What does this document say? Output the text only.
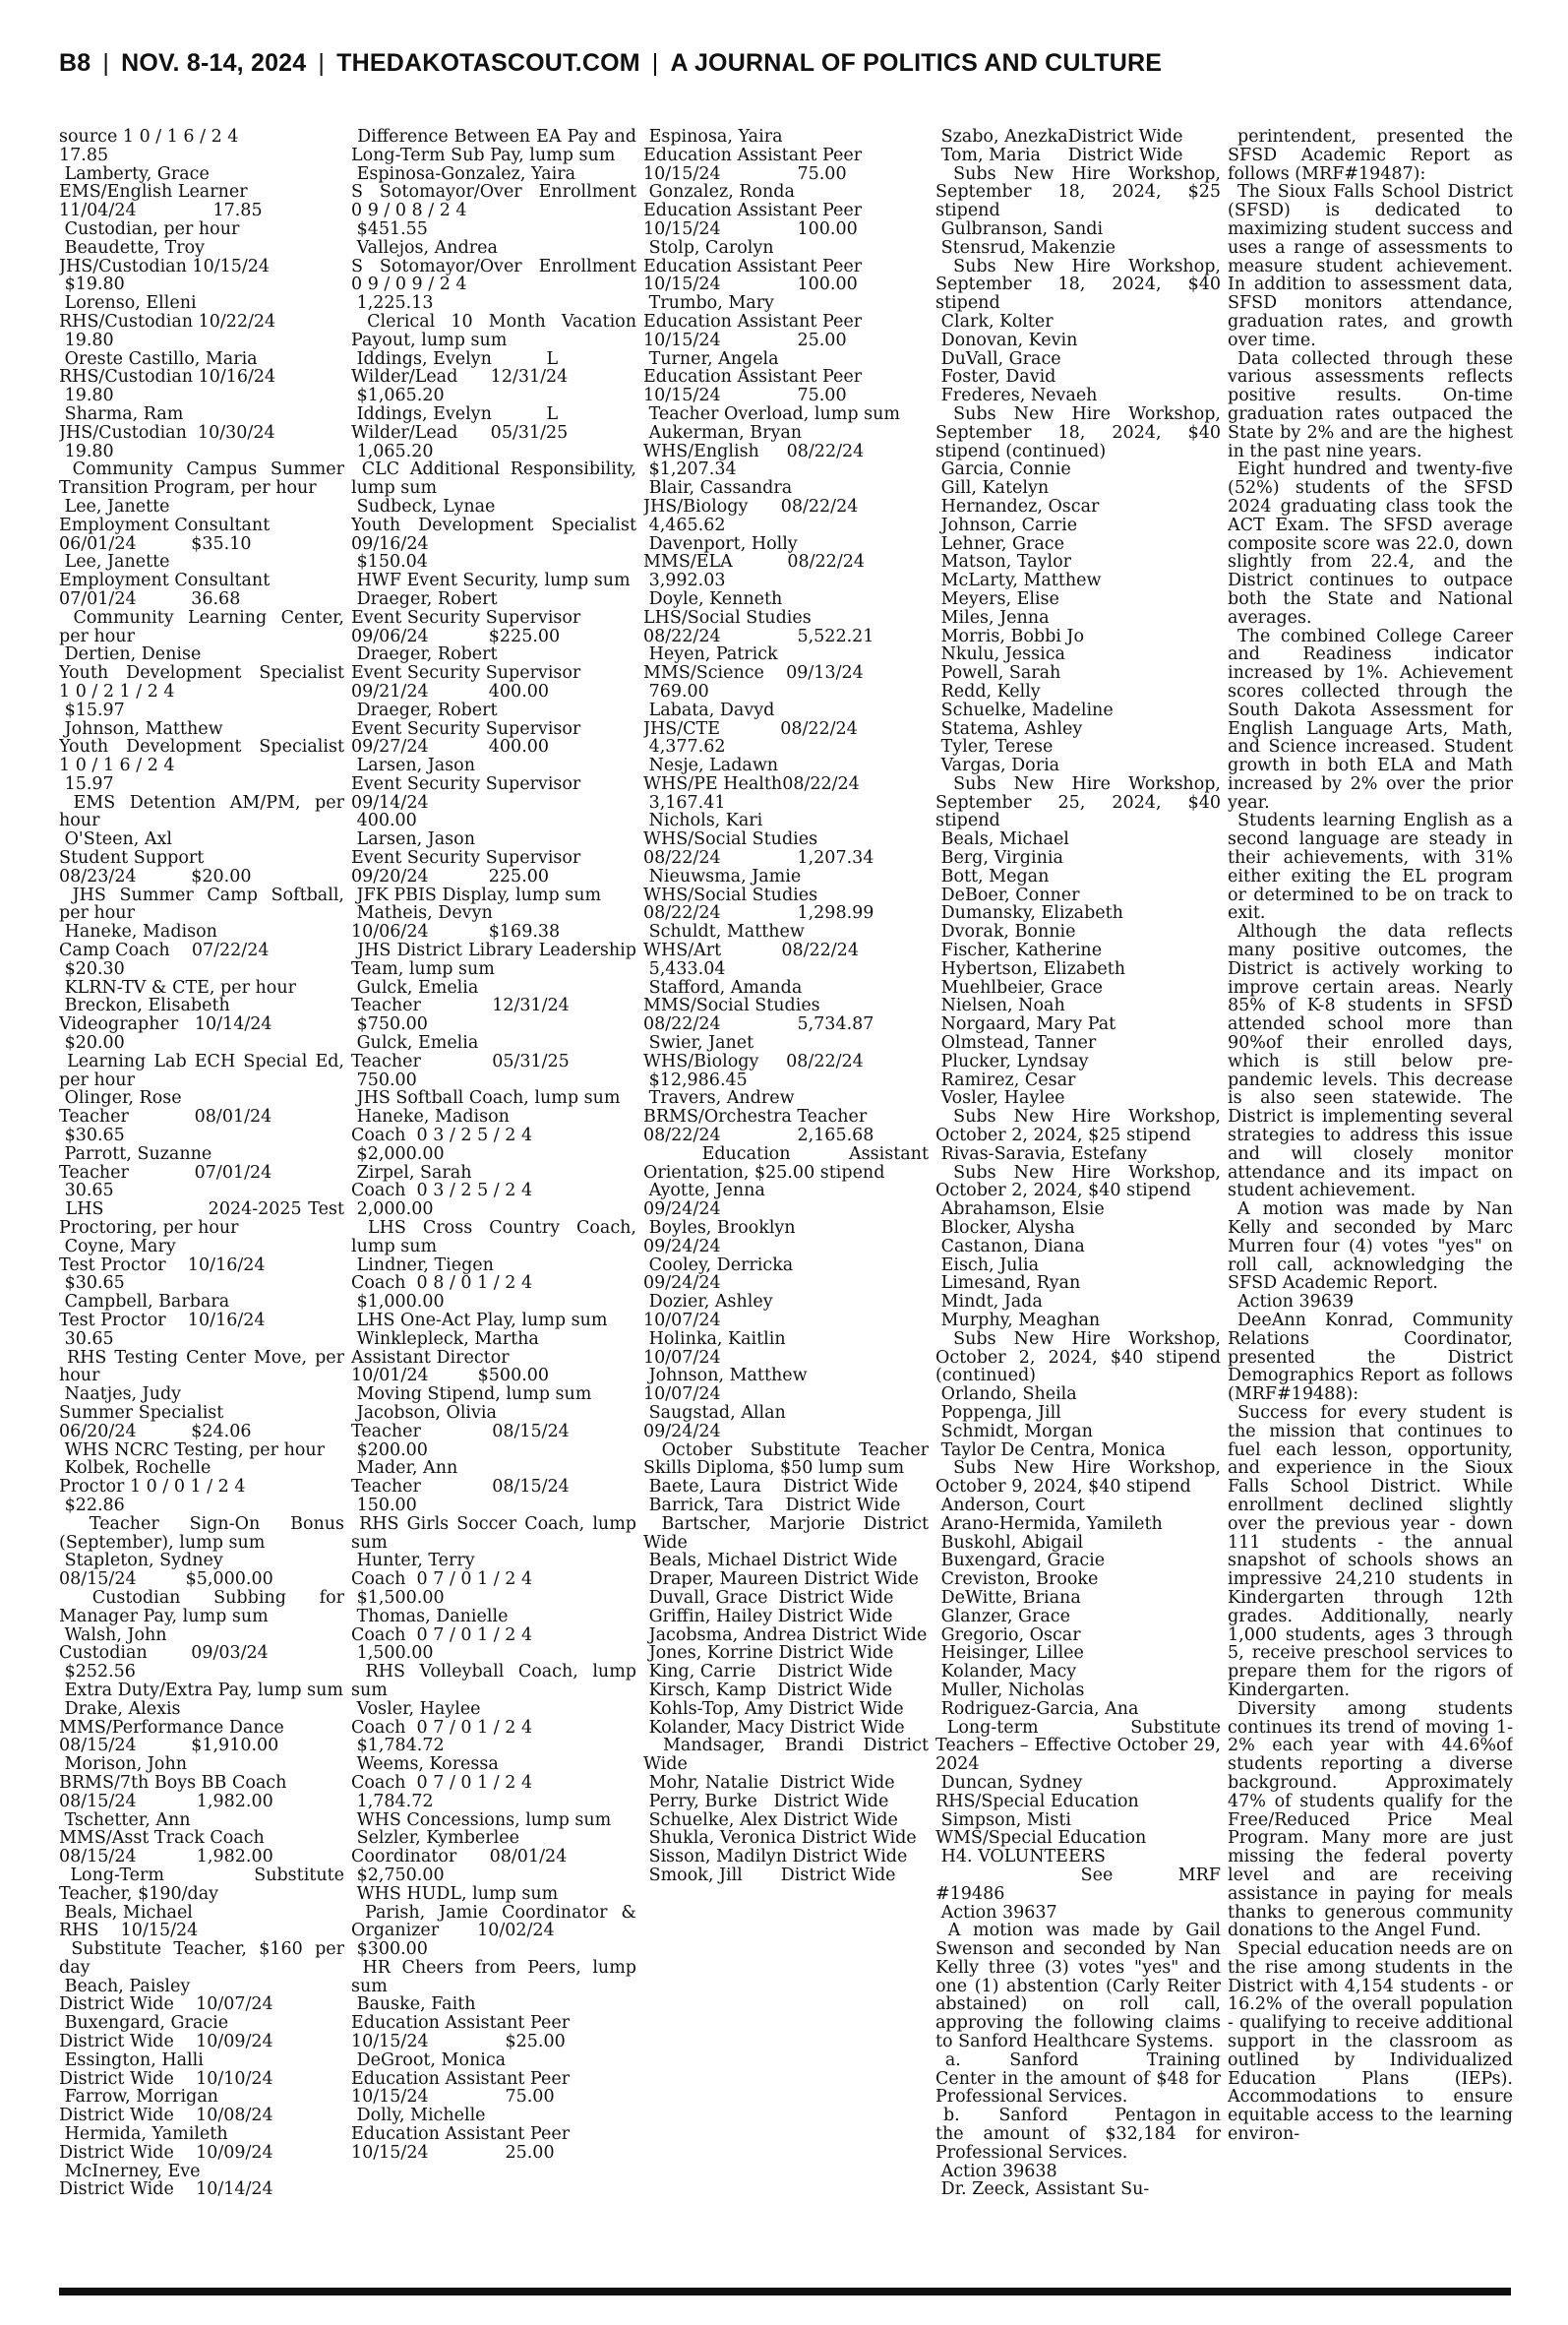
B8 | NOV. 8-14, 2024 | THEDAKOTASCOUT.COM | A JOURNAL OF POLITICS AND CULTURE

source 1 0 / 1 6 / 2 4

17.85

Lamberty, Grace

EMS/English Learner

11/04/24              17.85

Custodian, per hour

Beaudette, Troy

JHS/Custodian 10/15/24

$19.80

Lorenso, Elleni

RHS/Custodian 10/22/24

19.80

Oreste Castillo, Maria

RHS/Custodian 10/16/24

19.80

Sharma, Ram

JHS/Custodian  10/30/24

19.80

Community Campus Summer Transition Program, per hour

Lee, Janette

Employment Consultant

06/01/24          $35.10

Lee, Janette

Employment Consultant

07/01/24          36.68

Community Learning Center, per hour

Dertien, Denise

Youth Development Specialist     1 0 / 2 1 / 2 4

$15.97

Johnson, Matthew

Youth Development Specialist     1 0 / 1 6 / 2 4

15.97

EMS Detention AM/PM, per hour

O'Steen, Axl

Student Support

08/23/24          $20.00

JHS Summer Camp Softball, per hour

Haneke, Madison

Camp Coach    07/22/24

$20.30

KLRN-TV & CTE, per hour

Breckon, Elisabeth

Videographer   10/14/24

$20.00

Learning Lab ECH Special Ed, per hour

Olinger, Rose

Teacher            08/01/24

$30.65

Parrott, Suzanne

Teacher            07/01/24

30.65

LHS                2024-2025 Test Proctoring, per hour

Coyne, Mary

Test Proctor    10/16/24

$30.65

Campbell, Barbara

Test Proctor    10/16/24

30.65

RHS Testing Center Move, per hour

Naatjes, Judy

Summer Specialist

06/20/24          $24.06

WHS NCRC Testing, per hour

Kolbek, Rochelle

Proctor 1 0 / 0 1 / 2 4

$22.86

Teacher Sign-On Bonus (September), lump sum

Stapleton, Sydney

08/15/24         $5,000.00

Custodian Subbing for Manager Pay, lump sum

Walsh, John

Custodian        09/03/24

$252.56

Extra Duty/Extra Pay, lump sum

Drake, Alexis

MMS/Performance Dance

08/15/24          $1,910.00

Morison, John

BRMS/7th Boys BB Coach

08/15/24           1,982.00

Tschetter, Ann

MMS/Asst Track Coach

08/15/24           1,982.00

Long-Term        Substitute Teacher, $190/day

Beals, Michael

RHS    10/15/24

Substitute Teacher, $160 per day

Beach, Paisley

District Wide    10/07/24

Buxengard, Gracie

District Wide    10/09/24

Essington, Halli

District Wide    10/10/24

Farrow, Morrigan

District Wide    10/08/24

Hermida, Yamileth

District Wide    10/09/24

McInerney, Eve

District Wide    10/14/24

Difference Between EA Pay and Long-Term Sub Pay, lump sum

Espinosa-Gonzalez, Yaira

S Sotomayor/Over Enrollment   0 9 / 0 8 / 2 4

$451.55

Vallejos, Andrea

S Sotomayor/Over Enrollment   0 9 / 0 9 / 2 4

1,225.13

Clerical 10 Month Vacation Payout, lump sum

Iddings, Evelyn          L

Wilder/Lead      12/31/24

$1,065.20

Iddings, Evelyn          L

Wilder/Lead      05/31/25

1,065.20

CLC Additional Responsibility, lump sum

Sudbeck, Lynae

Youth Development Specialist        09/16/24

$150.04

HWF Event Security, lump sum

Draeger, Robert

Event Security Supervisor

09/06/24           $225.00

Draeger, Robert

Event Security Supervisor

09/21/24           400.00

Draeger, Robert

Event Security Supervisor

09/27/24           400.00

Larsen, Jason

Event Security Supervisor

09/14/24

400.00

Larsen, Jason

Event Security Supervisor

09/20/24           225.00

JFK PBIS Display, lump sum

Matheis, Devyn

10/06/24           $169.38

JHS District Library Leadership Team, lump sum

Gulck, Emelia

Teacher             12/31/24

$750.00

Gulck, Emelia

Teacher             05/31/25

750.00

JHS Softball Coach, lump sum

Haneke, Madison

Coach  0 3 / 2 5 / 2 4

$2,000.00

Zirpel, Sarah

Coach  0 3 / 2 5 / 2 4

2,000.00

LHS Cross Country Coach, lump sum

Lindner, Tiegen

Coach  0 8 / 0 1 / 2 4

$1,000.00

LHS One-Act Play, lump sum

Winklepleck, Martha

Assistant Director

10/01/24         $500.00

Moving Stipend, lump sum

Jacobson, Olivia

Teacher             08/15/24

$200.00

Mader, Ann

Teacher             08/15/24

150.00

RHS Girls Soccer Coach, lump sum

Hunter, Terry

Coach  0 7 / 0 1 / 2 4

$1,500.00

Thomas, Danielle

Coach  0 7 / 0 1 / 2 4

1,500.00

RHS Volleyball Coach, lump sum

Vosler, Haylee

Coach  0 7 / 0 1 / 2 4

$1,784.72

Weems, Koressa

Coach  0 7 / 0 1 / 2 4

1,784.72

WHS Concessions, lump sum

Selzler, Kymberlee

Coordinator      08/01/24

$2,750.00

WHS HUDL, lump sum

Parish, Jamie Coordinator & Organizer       10/02/24

$300.00

HR Cheers from Peers, lump sum

Bauske, Faith

Education Assistant Peer

10/15/24              $25.00

DeGroot, Monica

Education Assistant Peer

10/15/24              75.00

Dolly, Michelle

Education Assistant Peer

10/15/24              25.00

Espinosa, Yaira

Education Assistant Peer

10/15/24              75.00

Gonzalez, Ronda

Education Assistant Peer

10/15/24              100.00

Stolp, Carolyn

Education Assistant Peer

10/15/24              100.00

Trumbo, Mary

Education Assistant Peer

10/15/24              25.00

Turner, Angela

Education Assistant Peer

10/15/24              75.00

Teacher Overload, lump sum

Aukerman, Bryan

WHS/English     08/22/24

$1,207.34

Blair, Cassandra

JHS/Biology      08/22/24

4,465.62

Davenport, Holly

MMS/ELA          08/22/24

3,992.03

Doyle, Kenneth

LHS/Social Studies

08/22/24              5,522.21

Heyen, Patrick

MMS/Science    09/13/24

769.00

Labata, Davyd

JHS/CTE           08/22/24

4,377.62

Nesje, Ladawn

WHS/PE Health08/22/24

3,167.41

Nichols, Kari

WHS/Social Studies

08/22/24              1,207.34

Nieuwsma, Jamie

WHS/Social Studies

08/22/24              1,298.99

Schuldt, Matthew

WHS/Art           08/22/24

5,433.04

Stafford, Amanda

MMS/Social Studies

08/22/24              5,734.87

Swier, Janet

WHS/Biology     08/22/24

$12,986.45

Travers, Andrew

BRMS/Orchestra Teacher

08/22/24              2,165.68

Education Assistant Orientation, $25.00 stipend

Ayotte, Jenna

09/24/24

Boyles, Brooklyn

09/24/24

Cooley, Derricka

09/24/24

Dozier, Ashley

10/07/24

Holinka, Kaitlin

10/07/24

Johnson, Matthew

10/07/24

Saugstad, Allan

09/24/24

October Substitute Teacher Skills Diploma, $50 lump sum

Baete, Laura    District Wide

Barrick, Tara    District Wide

Bartscher, Marjorie District Wide

Beals, Michael District Wide

Draper, Maureen District Wide

Duvall, Grace  District Wide

Griffin, Hailey District Wide

Jacobsma, Andrea District Wide

Jones, Korrine District Wide

King, Carrie    District Wide

Kirsch, Kamp  District Wide

Kohls-Top, Amy District Wide

Kolander, Macy District Wide

Mandsager, Brandi District Wide

Mohr, Natalie  District Wide

Perry, Burke   District Wide

Schuelke, Alex District Wide

Shukla, Veronica District Wide

Sisson, Madilyn District Wide

Smook, Jill       District Wide

Szabo, AnezkaDistrict Wide

Tom, Maria     District Wide

Subs New Hire Workshop, September 18, 2024, $25 stipend

Gulbranson, Sandi

Stensrud, Makenzie

Subs New Hire Workshop, September 18, 2024, $40 stipend

Clark, Kolter

Donovan, Kevin

DuVall, Grace

Foster, David

Frederes, Nevaeh

Subs New Hire Workshop, September 18, 2024, $40 stipend (continued)

Garcia, Connie

Gill, Katelyn

Hernandez, Oscar

Johnson, Carrie

Lehner, Grace

Matson, Taylor

McLarty, Matthew

Meyers, Elise

Miles, Jenna

Morris, Bobbi Jo

Nkulu, Jessica

Powell, Sarah

Redd, Kelly

Schuelke, Madeline

Statema, Ashley

Tyler, Terese

Vargas, Doria

Subs New Hire Workshop, September 25, 2024, $40 stipend

Beals, Michael

Berg, Virginia

Bott, Megan

DeBoer, Conner

Dumansky, Elizabeth

Dvorak, Bonnie

Fischer, Katherine

Hybertson, Elizabeth

Muehlbeier, Grace

Nielsen, Noah

Norgaard, Mary Pat

Olmstead, Tanner

Plucker, Lyndsay

Ramirez, Cesar

Vosler, Haylee

Subs New Hire Workshop, October 2, 2024, $25 stipend

Rivas-Saravia, Estefany

Subs New Hire Workshop, October 2, 2024, $40 stipend

Abrahamson, Elsie

Blocker, Alysha

Castanon, Diana

Eisch, Julia

Limesand, Ryan

Mindt, Jada

Murphy, Meaghan

Subs New Hire Workshop, October 2, 2024, $40 stipend (continued)

Orlando, Sheila

Poppenga, Jill

Schmidt, Morgan

Taylor De Centra, Monica

Subs New Hire Workshop, October 9, 2024, $40 stipend

Anderson, Court

Arano-Hermida, Yamileth

Buskohl, Abigail

Buxengard, Gracie

Creviston, Brooke

DeWitte, Briana

Glanzer, Grace

Gregorio, Oscar

Heisinger, Lillee

Kolander, Macy

Muller, Nicholas

Rodriguez-Garcia, Ana

Long-term        Substitute Teachers – Effective October 29, 2024

Duncan, Sydney

RHS/Special Education

Simpson, Misti

WMS/Special Education

H4. VOLUNTEERS

See         MRF #19486

Action 39637

A motion was made by Gail Swenson and seconded by Nan Kelly three (3) votes "yes" and one (1) abstention (Carly Reiter abstained) on roll call, approving the following claims to Sanford Healthcare Systems.

a.     Sanford       Training Center in the amount of $48 for Professional Services.

b.     Sanford      Pentagon in the amount of $32,184 for Professional Services.

Action 39638

Dr. Zeeck, Assistant Su-

perintendent, presented the SFSD Academic Report as follows (MRF#19487):

The Sioux Falls School District (SFSD) is dedicated to maximizing student success and uses a range of assessments to measure student achievement. In addition to assessment data, SFSD monitors attendance, graduation rates, and growth over time.

Data collected through these various assessments reflects positive results. On-time graduation rates outpaced the State by 2% and are the highest in the past nine years.

Eight hundred and twenty-five (52%) students of the SFSD 2024 graduating class took the ACT Exam. The SFSD average composite score was 22.0, down slightly from 22.4, and the District continues to outpace both the State and National averages.

The combined College Career and Readiness indicator increased by 1%. Achievement scores collected through the South Dakota Assessment for English Language Arts, Math, and Science increased. Student growth in both ELA and Math increased by 2% over the prior year.

Students learning English as a second language are steady in their achievements, with 31% either exiting the EL program or determined to be on track to exit.

Although the data reflects many positive outcomes, the District is actively working to improve certain areas. Nearly 85% of K-8 students in SFSD attended school more than 90%of their enrolled days, which is still below pre-pandemic levels. This decrease is also seen statewide. The District is implementing several strategies to address this issue and will closely monitor attendance and its impact on student achievement.

A motion was made by Nan Kelly and seconded by Marc Murren four (4) votes "yes" on roll call, acknowledging the SFSD Academic Report.

Action 39639

DeeAnn Konrad, Community Relations Coordinator, presented the District Demographics Report as follows (MRF#19488):

Success for every student is the mission that continues to fuel each lesson, opportunity, and experience in the Sioux Falls School District. While enrollment declined slightly over the previous year - down 111 students - the annual snapshot of schools shows an impressive 24,210 students in Kindergarten through 12th grades. Additionally, nearly 1,000 students, ages 3 through 5, receive preschool services to prepare them for the rigors of Kindergarten.

Diversity among students continues its trend of moving 1-2% each year with 44.6%of students reporting a diverse background. Approximately 47% of students qualify for the Free/Reduced Price Meal Program. Many more are just missing the federal poverty level and are receiving assistance in paying for meals thanks to generous community donations to the Angel Fund.

Special education needs are on the rise among students in the District with 4,154 students - or 16.2% of the overall population - qualifying to receive additional support in the classroom as outlined by Individualized Education Plans (IEPs). Accommodations to ensure equitable access to the learning environ-
